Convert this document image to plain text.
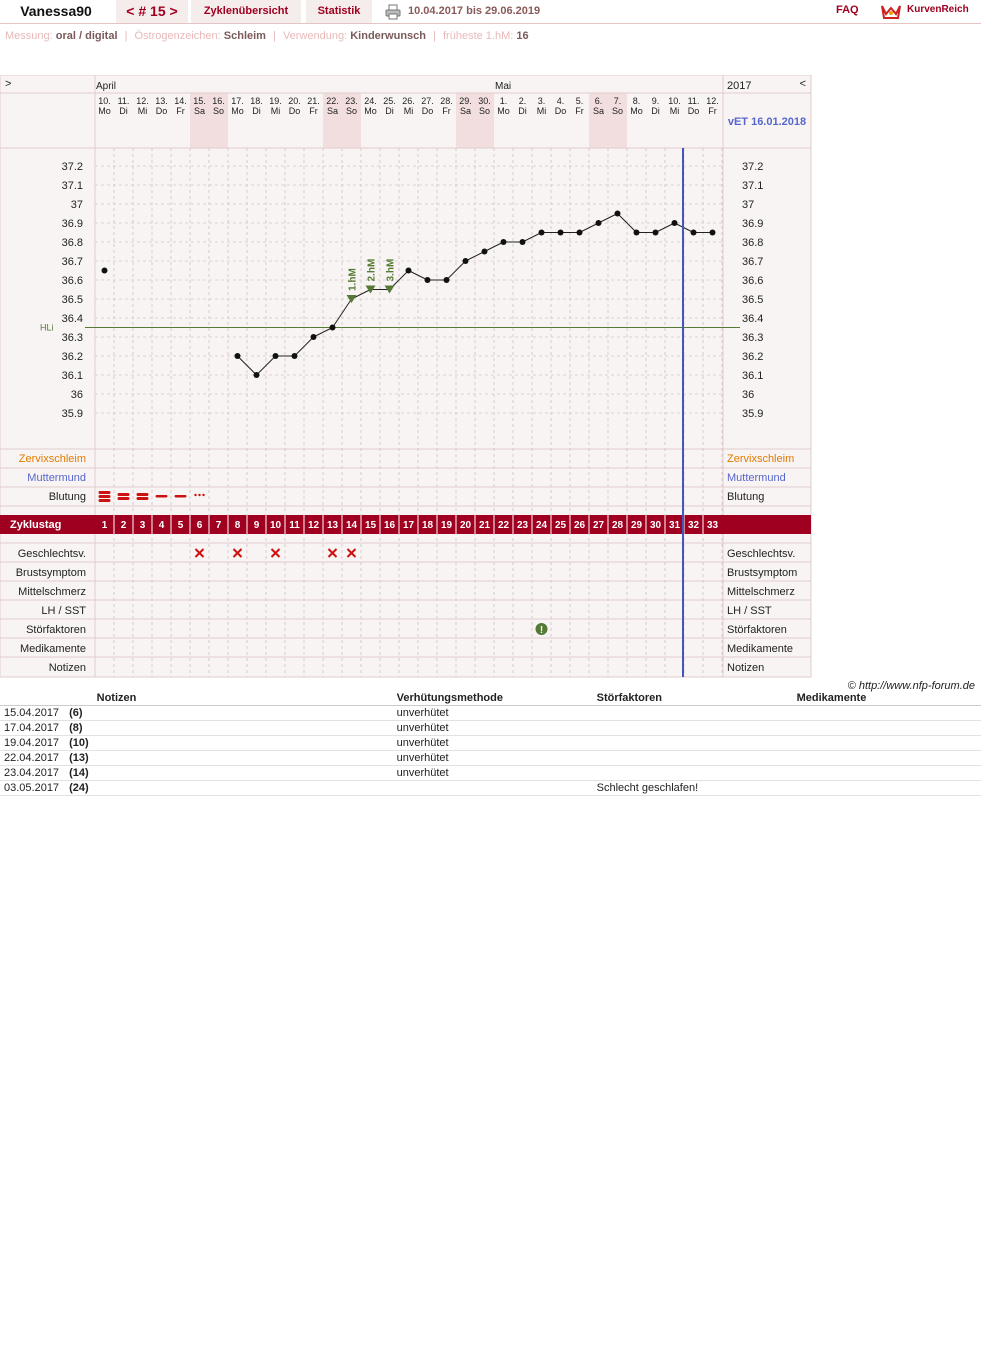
Vanessa90	< # 15 >	Zyklenübersicht	Statistik	10.04.2017 bis 29.06.2019	FAQ	KurvenReich
Messung: oral / digital | Östrogenzeichen: Schleim | Verwendung: Kinderwunsch | früheste 1.hM: 16
>	<
2017
April	Mai
10.
Mo
11.
Di
12.
Mi
13.
Do
14.
Fr
15.
Sa
16.
So
17.
Mo
18.
Di
19.
Mi
20.
Do
21.
Fr
22.
Sa
23.
So
24.
Mo
25.
Di
26.
Mi
27.
Do
28.
Fr
29.
Sa
30.
So
1.
Mo
2.
Di
3.
Mi
4.
Do
5.
Fr
6.
Sa
7.
So
8.
Mo
9.
Di
10.
Mi
11.
Do
12.
Fr
vET 16.01.2018
37.2	37.2
37.1	37.1
37	37
36.9	36.9
36.8	36.8
36.7	36.7
36.6	36.6
36.5	36.5
36.4	36.4
36.3	36.3
36.2	36.2
36.1	36.1
36	36
35.9	35.9
HLi
1.hM 2.hM 3.hM
Zervixschleim	Zervixschleim
Muttermund	Muttermund
Blutung	Blutung
Zyklustag	1 2 3 4 5 6 7 8 9 10 11 12 13 14 15 16 17 18 19 20 21 22 23 24 25 26 27 28 29 30 31 32 33
Geschlechtsv.	Geschlechtsv.
Brustsymptom	Brustsymptom
Mittelschmerz	Mittelschmerz
LH / SST	LH / SST
Störfaktoren	Störfaktoren
Medikamente	Medikamente
Notizen	Notizen
!
© http://www.nfp-forum.de
	Notizen	Verhütungsmethode	Störfaktoren	Medikamente
15.04.2017 (6)		unverhütet		
17.04.2017 (8)		unverhütet		
19.04.2017 (10)		unverhütet		
22.04.2017 (13)		unverhütet		
23.04.2017 (14)		unverhütet		
03.05.2017 (24)			Schlecht geschlafen!	
